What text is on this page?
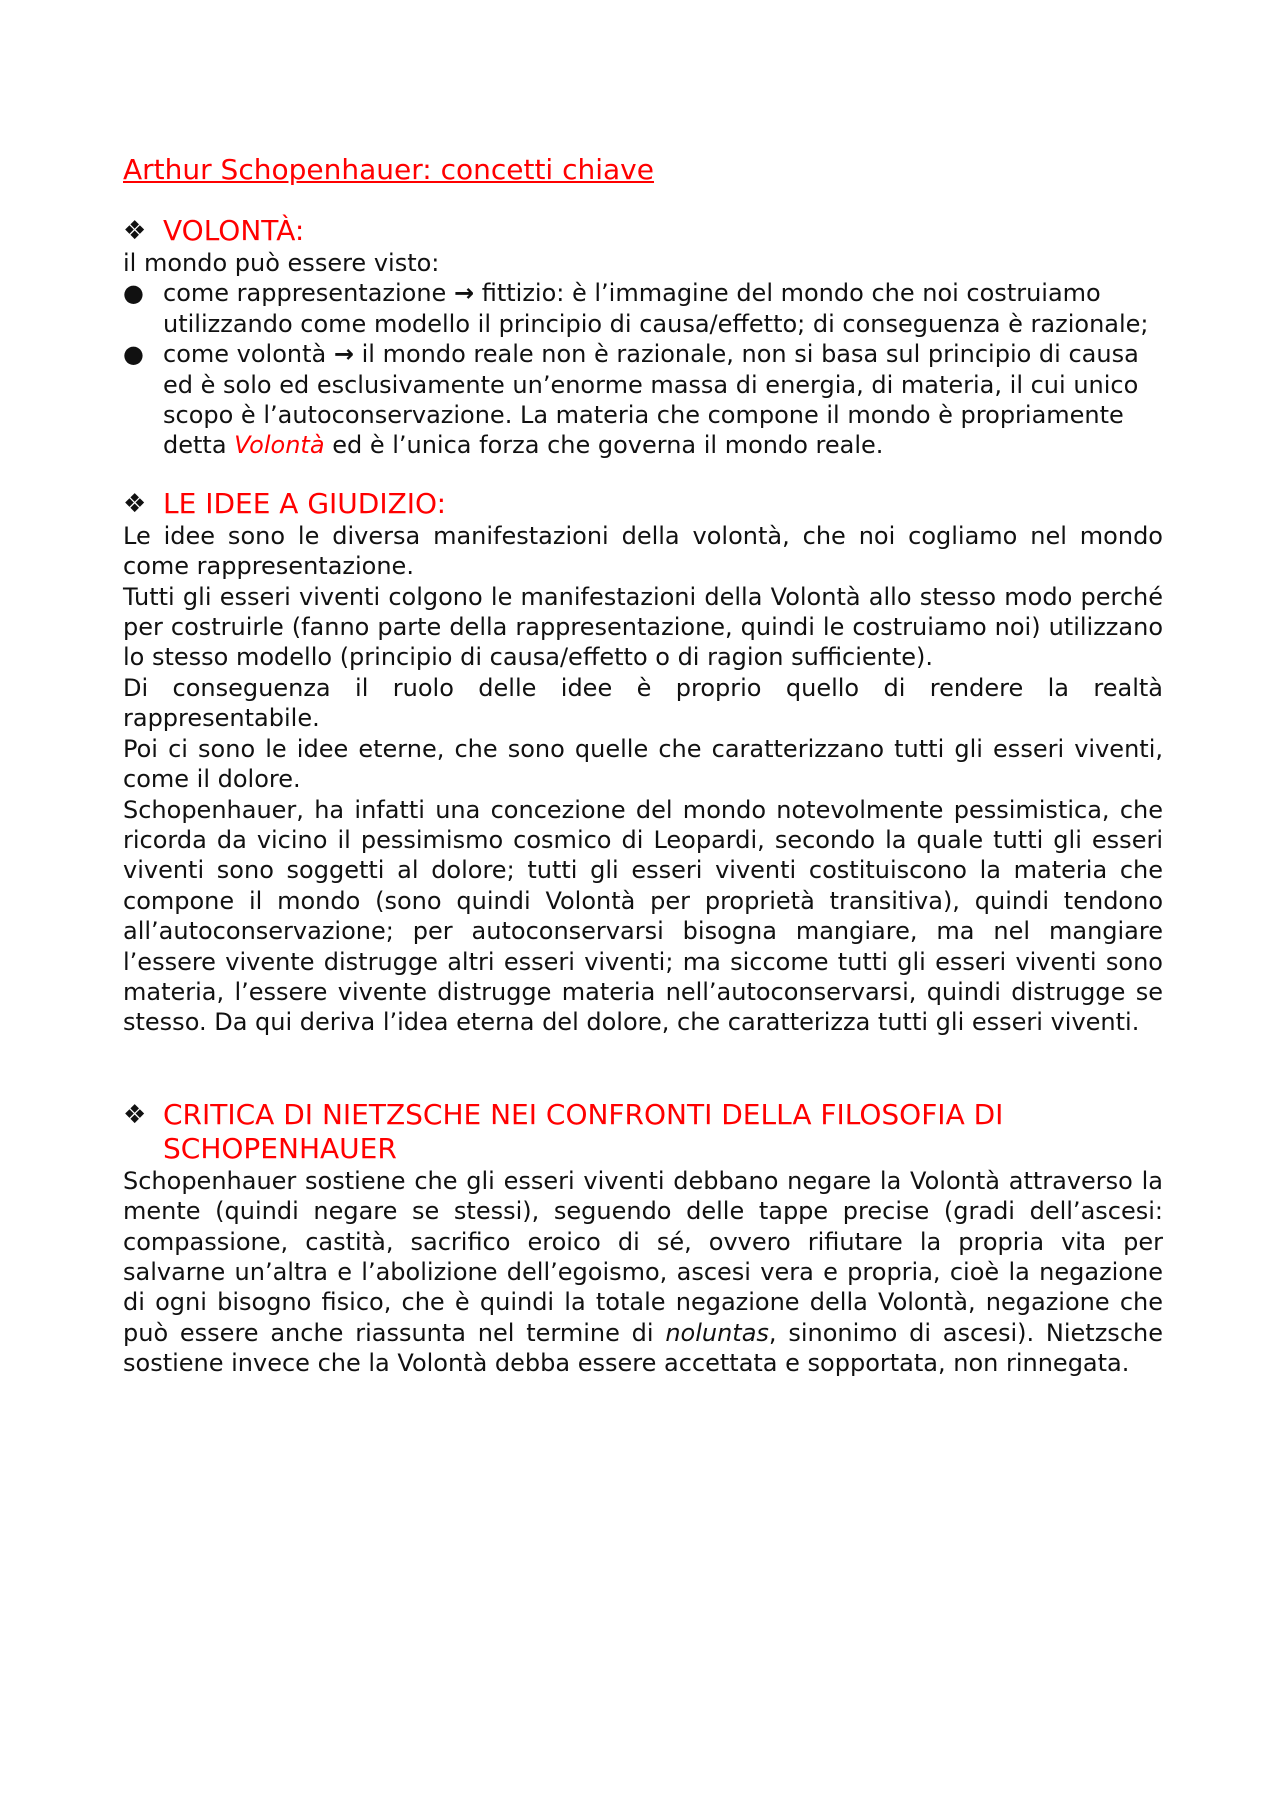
Arthur Schopenhauer: concetti chiave
❖ VOLONTÀ:

il mondo può essere visto:

● come rappresentazione → fittizio: è l’immagine del mondo che noi costruiamo utilizzando come modello il principio di causa/effetto; di conseguenza è razionale;
● come volontà → il mondo reale non è razionale, non si basa sul principio di causa ed è solo ed esclusivamente un’enorme massa di energia, di materia, il cui unico scopo è l’autoconservazione. La materia che compone il mondo è propriamente detta Volontà ed è l’unica forza che governa il mondo reale.
❖ LE IDEE A GIUDIZIO:

Le idee sono le diversa manifestazioni della volontà, che noi cogliamo nel mondo come rappresentazione.

Tutti gli esseri viventi colgono le manifestazioni della Volontà allo stesso modo perché per costruirle (fanno parte della rappresentazione, quindi le costruiamo noi) utilizzano lo stesso modello (principio di causa/effetto o di ragion sufficiente).

Di conseguenza il ruolo delle idee è proprio quello di rendere la realtà rappresentabile.

Poi ci sono le idee eterne, che sono quelle che caratterizzano tutti gli esseri viventi, come il dolore.

Schopenhauer, ha infatti una concezione del mondo notevolmente pessimistica, che ricorda da vicino il pessimismo cosmico di Leopardi, secondo la quale tutti gli esseri viventi sono soggetti al dolore; tutti gli esseri viventi costituiscono la materia che compone il mondo (sono quindi Volontà per proprietà transitiva), quindi tendono all’autoconservazione; per autoconservarsi bisogna mangiare, ma nel mangiare l’essere vivente distrugge altri esseri viventi; ma siccome tutti gli esseri viventi sono materia, l’essere vivente distrugge materia nell’autoconservarsi, quindi distrugge se stesso. Da qui deriva l’idea eterna del dolore, che caratterizza tutti gli esseri viventi.

❖ CRITICA DI NIETZSCHE NEI CONFRONTI DELLA FILOSOFIA DI SCHOPENHAUER

Schopenhauer sostiene che gli esseri viventi debbano negare la Volontà attraverso la mente (quindi negare se stessi), seguendo delle tappe precise (gradi dell’ascesi: compassione, castità, sacrifico eroico di sé, ovvero rifiutare la propria vita per salvarne un’altra e l’abolizione dell’egoismo, ascesi vera e propria, cioè la negazione di ogni bisogno fisico, che è quindi la totale negazione della Volontà, negazione che può essere anche riassunta nel termine di noluntas, sinonimo di ascesi). Nietzsche sostiene invece che la Volontà debba essere accettata e sopportata, non rinnegata.
